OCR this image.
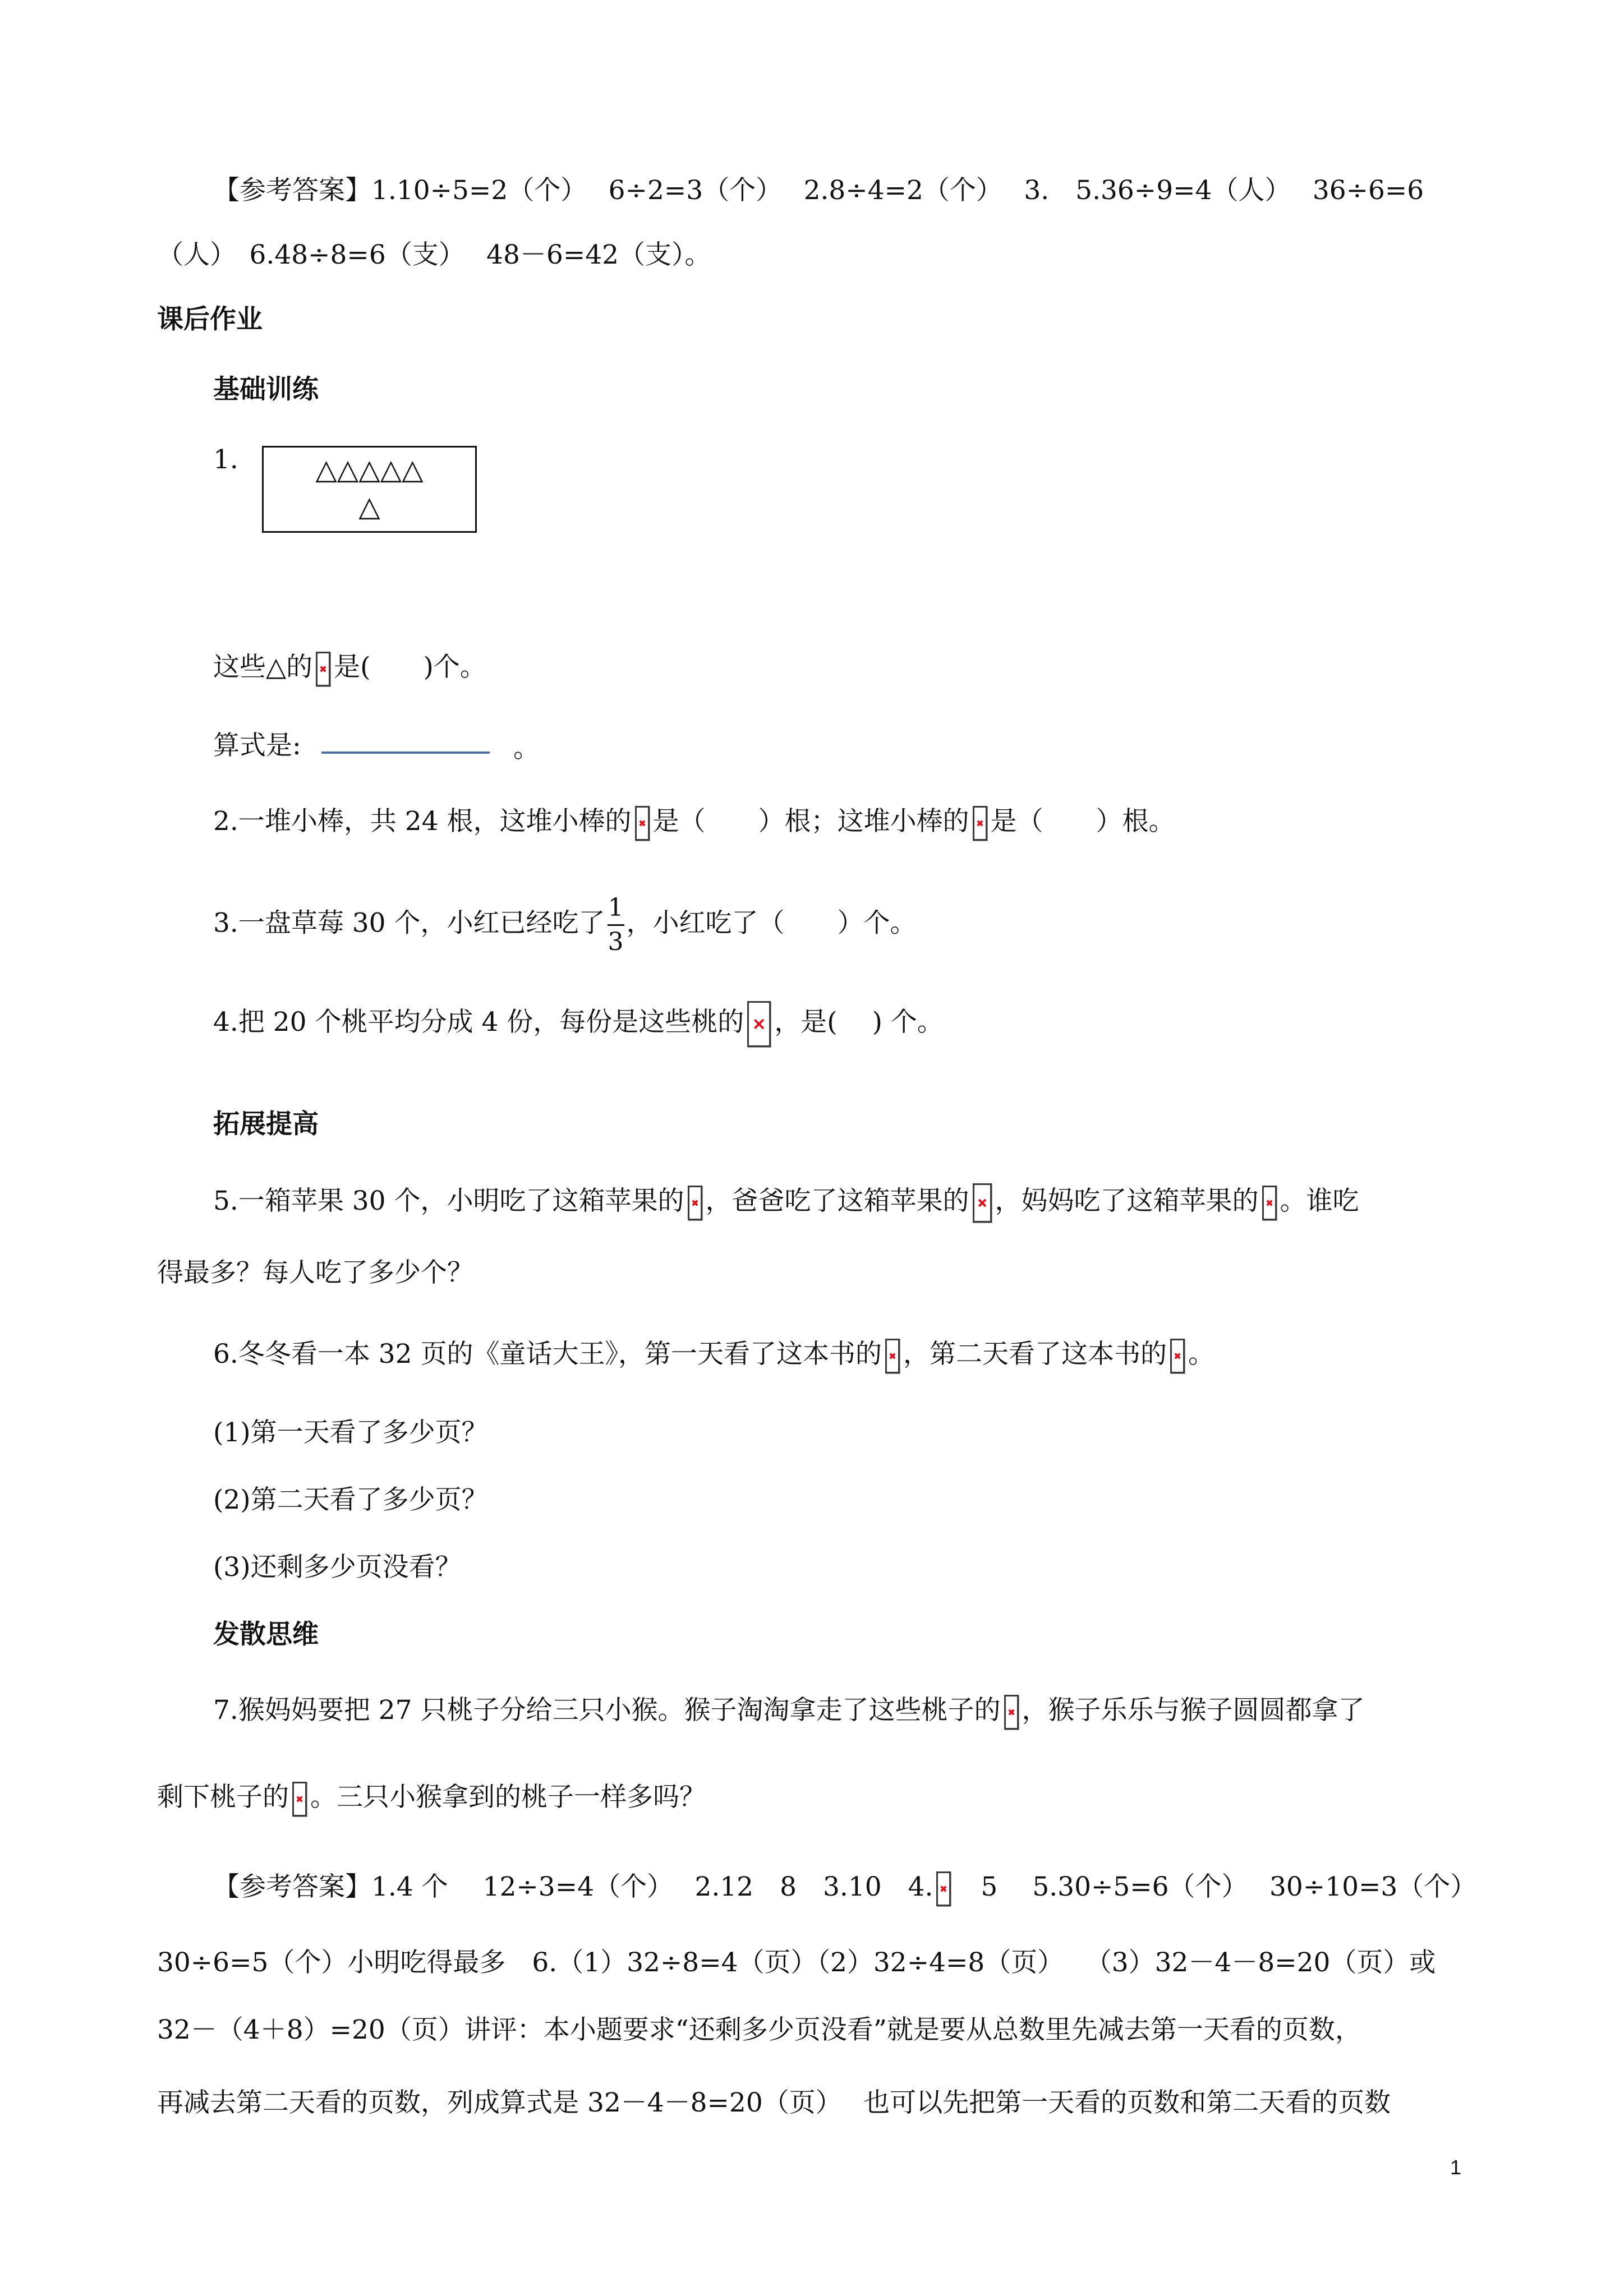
【参考答案】1.10÷5=2（个）　 6÷2=3（个）　 2.8÷4=2（个）　 3.　5.36÷9=4（人）　 36÷6=6
（人）　6.48÷8=6（支）　 48－6=42（支）。
课后作业
基础训练
1.	△△△△△
△
这些△的 是(　　)个。
算式是:	。
2.一堆小棒，共 24 根，这堆小棒的 是（　　）根；这堆小棒的 是（　　）根。
3.一盘草莓 30 个，小红已经吃了 $\frac{1}{3}$ ，小红吃了（　　）个。
4.把 20 个桃平均分成 4 份，每份是这些桃的 ，是(　 ) 个。
拓展提高
5.一箱苹果 30 个，小明吃了这箱苹果的 ，爸爸吃了这箱苹果的 ，妈妈吃了这箱苹果的 。谁吃
得最多？每人吃了多少个？
6.冬冬看一本 32 页的《童话大王》，第一天看了这本书的 ，第二天看了这本书的 。
(1)第一天看了多少页？
(2)第二天看了多少页？
(3)还剩多少页没看？
发散思维
7.猴妈妈要把 27 只桃子分给三只小猴。猴子淘淘拿走了这些桃子的 ，猴子乐乐与猴子圆圆都拿了
剩下桃子的 。三只小猴拿到的桃子一样多吗？
【参考答案】1.4 个　 12÷3=4（个）　 2.12　8　3.10　4.　5　 5.30÷5=6（个）　 30÷10=3（个）
30÷6=5（个）小明吃得最多　6.（1）32÷8=4（页）（2）32÷4=8（页）　 （3）32－4－8=20（页）或
32－（4＋8）=20（页）讲评：本小题要求“还剩多少页没看”就是要从总数里先减去第一天看的页数，
再减去第二天看的页数，列成算式是 32－4－8=20（页）　 也可以先把第一天看的页数和第二天看的页数
1
